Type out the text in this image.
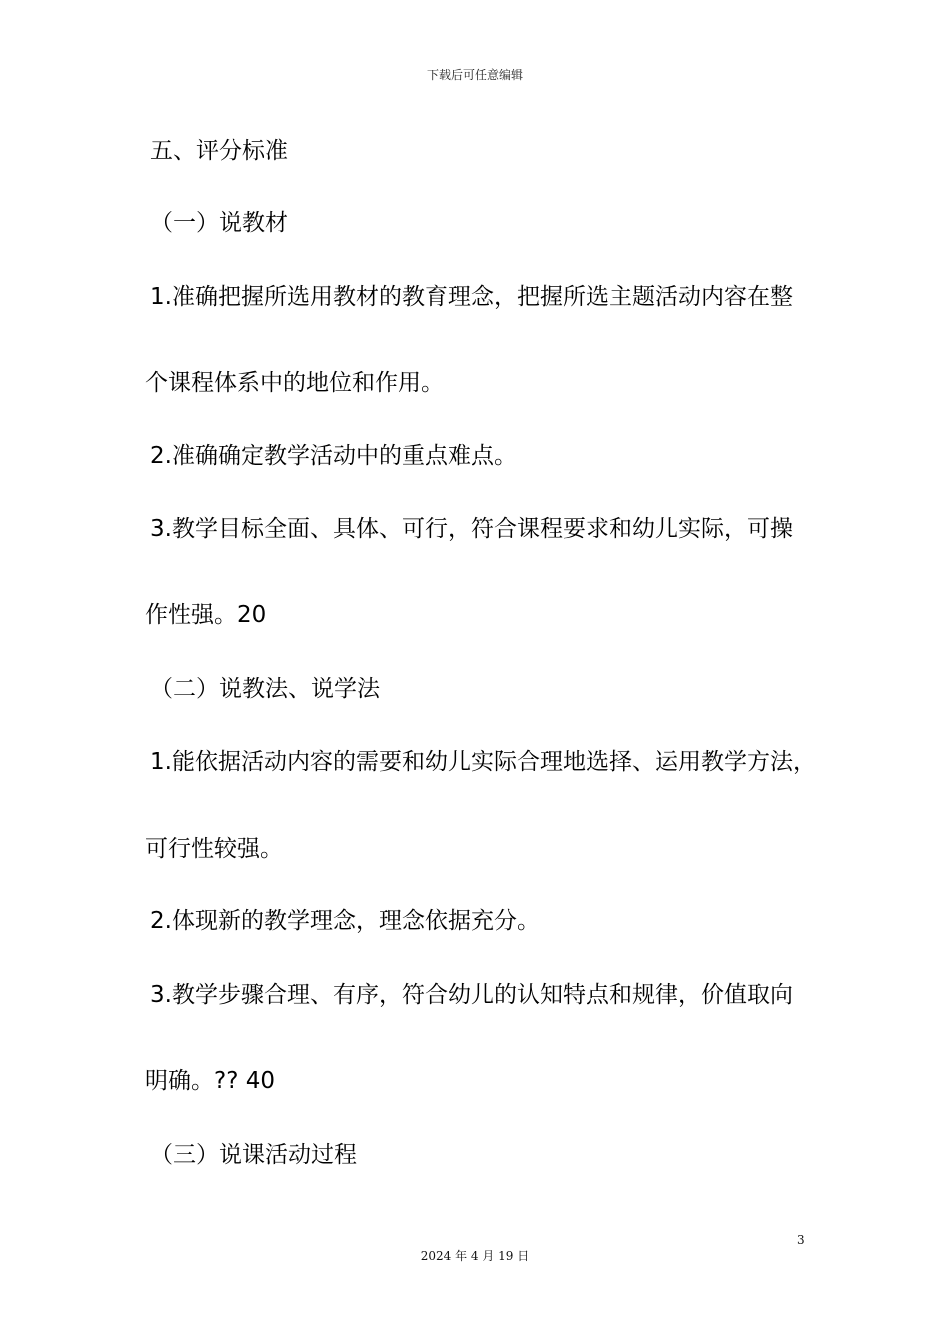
下载后可任意编辑
五、评分标准
（一）说教材
1.准确把握所选用教材的教育理念，把握所选主题活动内容在整
个课程体系中的地位和作用。
2.准确确定教学活动中的重点难点。
3.教学目标全面、具体、可行，符合课程要求和幼儿实际，可操
作性强。20
（二）说教法、说学法
1.能依据活动内容的需要和幼儿实际合理地选择、运用教学方法，
可行性较强。
2.体现新的教学理念，理念依据充分。
3.教学步骤合理、有序，符合幼儿的认知特点和规律，价值取向
明确。?? 40
（三）说课活动过程
3
2024 年 4 月 19 日
